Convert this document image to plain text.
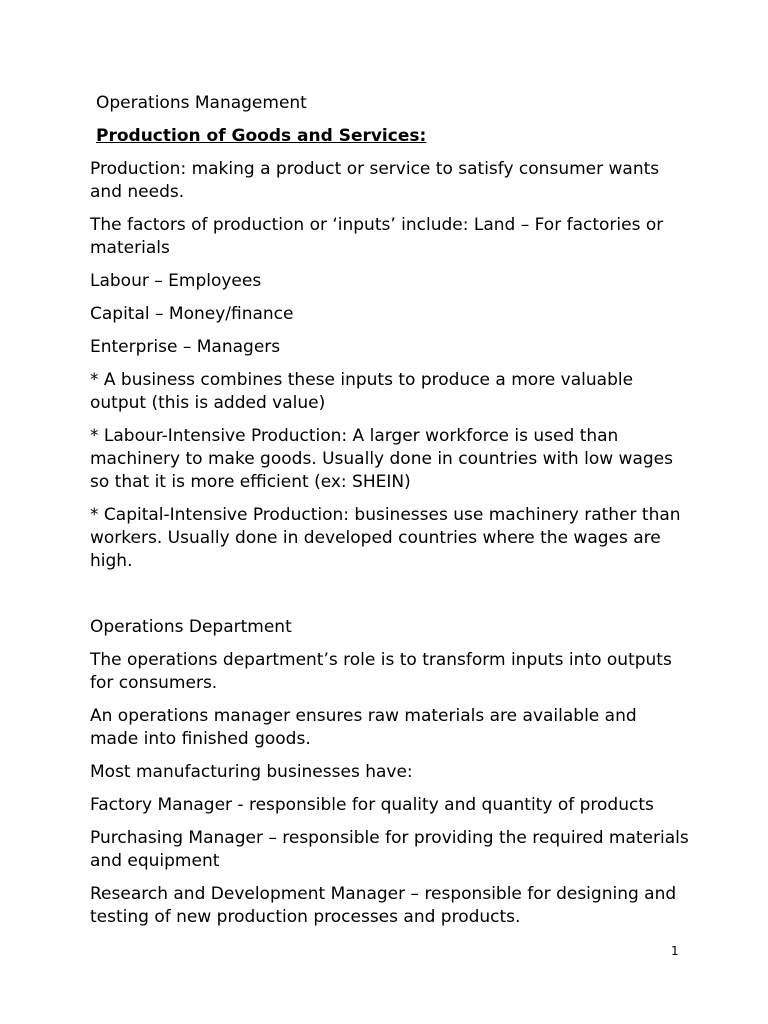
Operations Management

Production of Goods and Services:

Production: making a product or service to satisfy consumer wants and needs.

The factors of production or ‘inputs’ include: Land – For factories or materials

Labour – Employees

Capital – Money/finance

Enterprise – Managers

* A business combines these inputs to produce a more valuable output (this is added value)

* Labour-Intensive Production: A larger workforce is used than machinery to make goods. Usually done in countries with low wages so that it is more efficient (ex: SHEIN)

* Capital-Intensive Production: businesses use machinery rather than workers. Usually done in developed countries where the wages are high.

Operations Department

The operations department’s role is to transform inputs into outputs for consumers.

An operations manager ensures raw materials are available and made into finished goods.

Most manufacturing businesses have:

Factory Manager - responsible for quality and quantity of products

Purchasing Manager – responsible for providing the required materials and equipment

Research and Development Manager – responsible for designing and testing of new production processes and products.

1
